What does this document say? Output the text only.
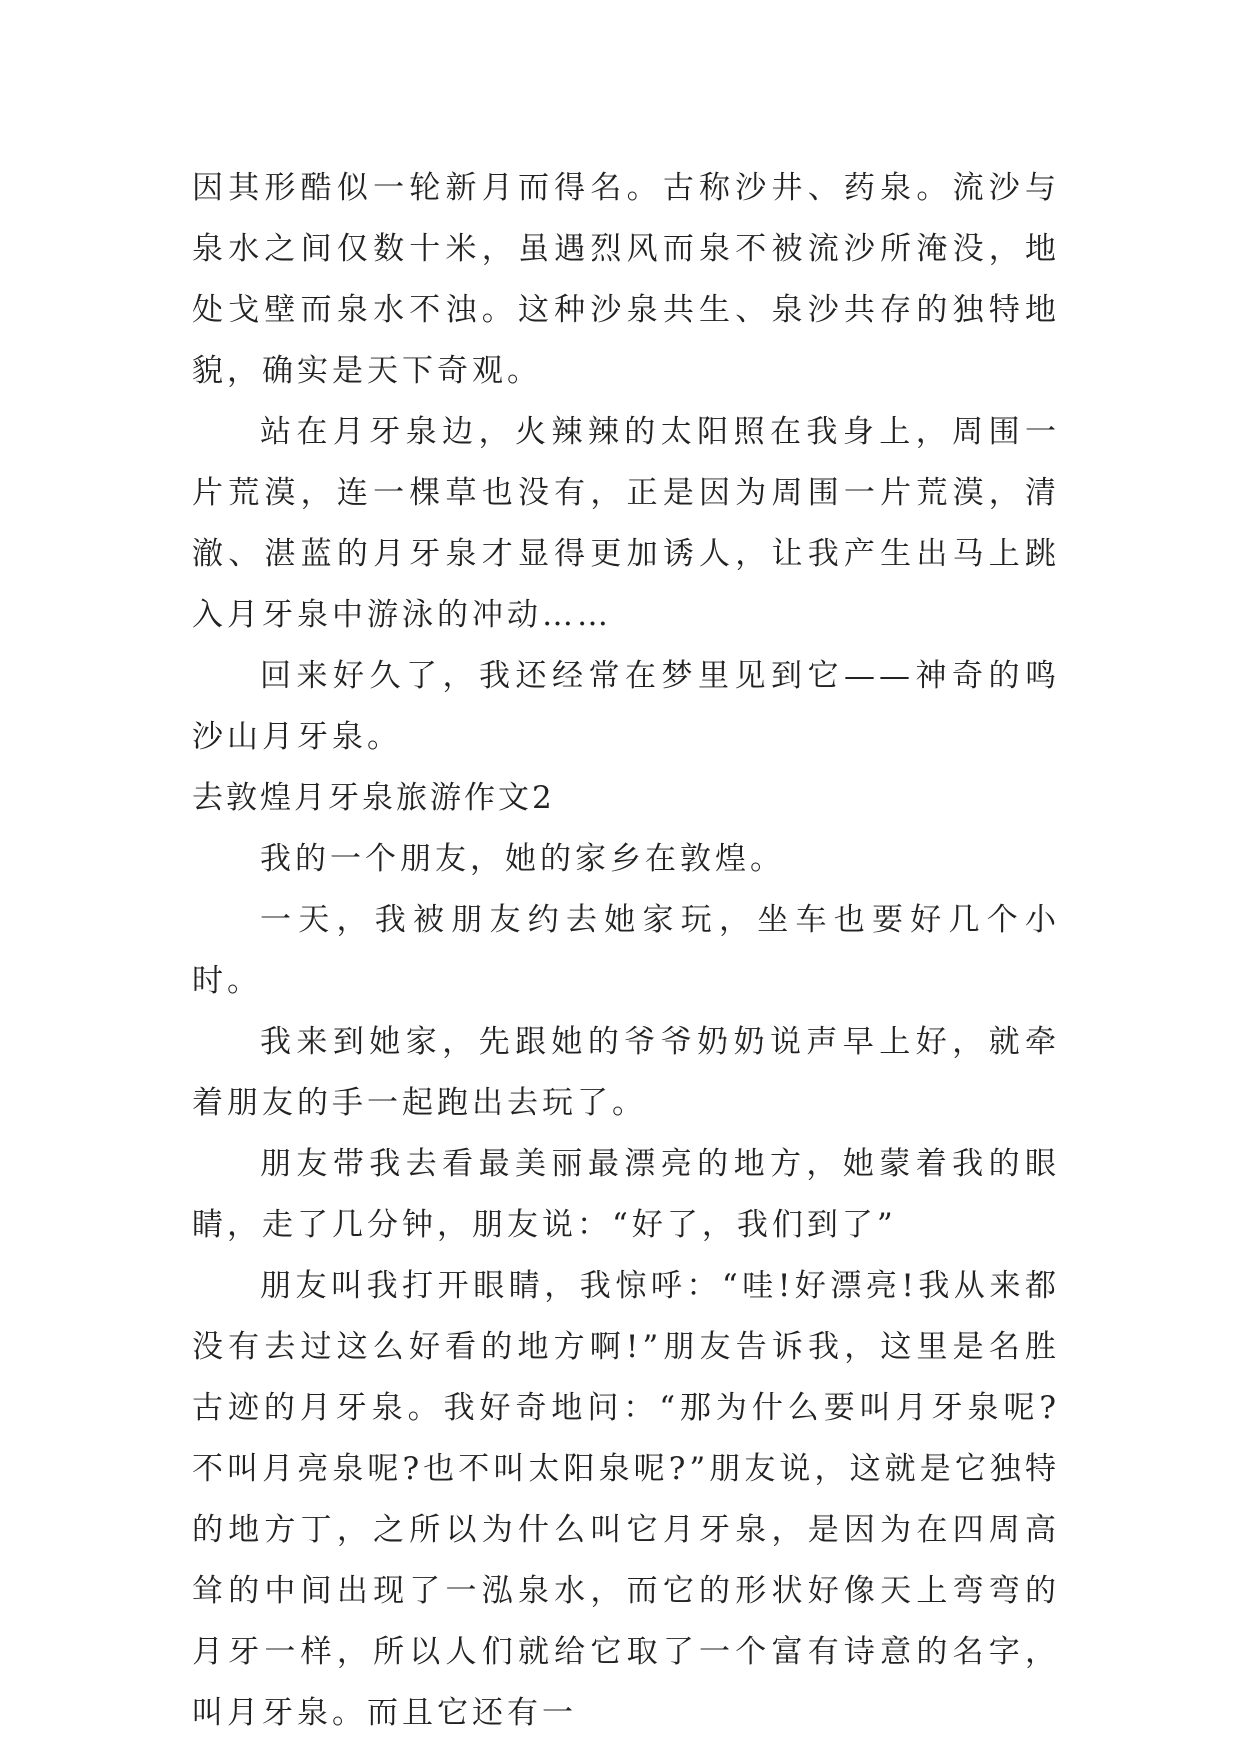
因其形酷似一轮新月而得名。古称沙井、药泉。流沙与泉水之间仅数十米，虽遇烈风而泉不被流沙所淹没，地处戈壁而泉水不浊。这种沙泉共生、泉沙共存的独特地貌，确实是天下奇观。

站在月牙泉边，火辣辣的太阳照在我身上，周围一片荒漠，连一棵草也没有，正是因为周围一片荒漠，清澈、湛蓝的月牙泉才显得更加诱人，让我产生出马上跳入月牙泉中游泳的冲动……

回来好久了，我还经常在梦里见到它——神奇的鸣沙山月牙泉。

去敦煌月牙泉旅游作文2

我的一个朋友，她的家乡在敦煌。

一天，我被朋友约去她家玩，坐车也要好几个小时。

我来到她家，先跟她的爷爷奶奶说声早上好，就牵着朋友的手一起跑出去玩了。

朋友带我去看最美丽最漂亮的地方，她蒙着我的眼睛，走了几分钟，朋友说：“好了，我们到了”

朋友叫我打开眼睛，我惊呼：“哇!好漂亮!我从来都没有去过这么好看的地方啊!”朋友告诉我，这里是名胜古迹的月牙泉。我好奇地问：“那为什么要叫月牙泉呢?不叫月亮泉呢?也不叫太阳泉呢?”朋友说，这就是它独特的地方丁，之所以为什么叫它月牙泉，是因为在四周高耸的中间出现了一泓泉水，而它的形状好像天上弯弯的月牙一样，所以人们就给它取了一个富有诗意的名字，叫月牙泉。而且它还有一
